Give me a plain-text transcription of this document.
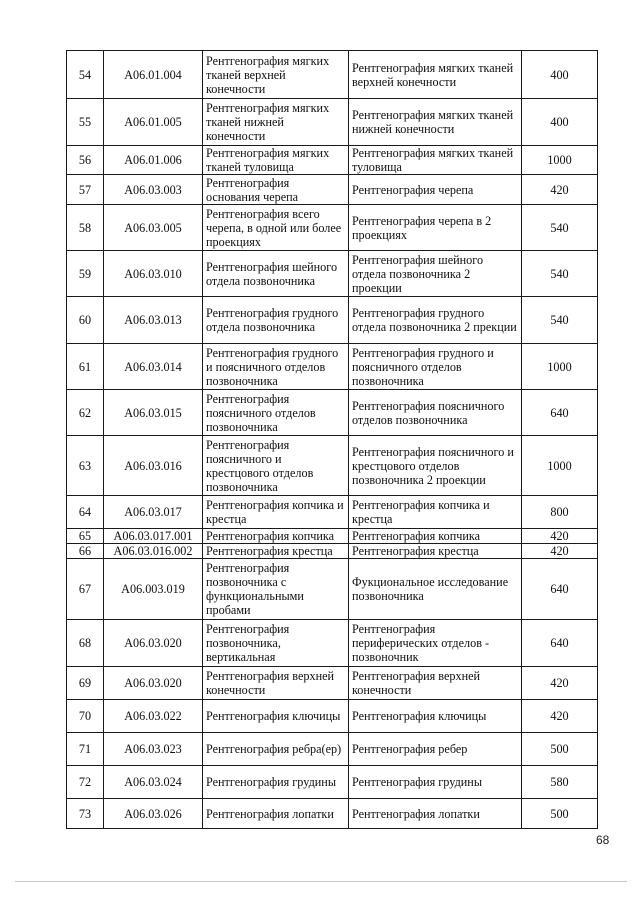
54	A06.01.004	Рентгенография мягких тканей верхней конечности	Рентгенография мягких тканей верхней конечности	400
55	A06.01.005	Рентгенография мягких тканей нижней конечности	Рентгенография мягких тканей нижней конечности	400
56	A06.01.006	Рентгенография мягких тканей туловища	Рентгенография мягких тканей туловища	1000
57	A06.03.003	Рентгенография основания черепа	Рентгенография черепа	420
58	A06.03.005	Рентгенография всего черепа, в одной или более проекциях	Рентгенография черепа в 2 проекциях	540
59	A06.03.010	Рентгенография шейного отдела позвоночника	Рентгенография шейного отдела позвоночника 2 проекции	540
60	A06.03.013	Рентгенография грудного отдела позвоночника	Рентгенография грудного отдела позвоночника 2 прекции	540
61	A06.03.014	Рентгенография грудного и поясничного отделов позвоночника	Рентгенография грудного и поясничного отделов позвоночника	1000
62	A06.03.015	Рентгенография поясничного отделов позвоночника	Рентгенография поясничного отделов позвоночника	640
63	A06.03.016	Рентгенография поясничного и крестцового отделов позвоночника	Рентгенография поясничного и крестцового отделов позвоночника 2 проекции	1000
64	A06.03.017	Рентгенография копчика и крестца	Рентгенография копчика и крестца	800
65	A06.03.017.001	Рентгенография копчика	Рентгенография копчика	420
66	A06.03.016.002	Рентгенография крестца	Рентгенография крестца	420
67	A06.003.019	Рентгенография позвоночника с функциональными пробами	Фукциональное исследование позвоночника	640
68	A06.03.020	Рентгенография позвоночника, вертикальная	Рентгенография периферических отделов - позвоночник	640
69	A06.03.020	Рентгенография верхней конечности	Рентгенография верхней конечности	420
70	A06.03.022	Рентгенография ключицы	Рентгенография ключицы	420
71	A06.03.023	Рентгенография ребра(ер)	Рентгенография ребер	500
72	A06.03.024	Рентгенография грудины	Рентгенография грудины	580
73	A06.03.026	Рентгенография лопатки	Рентгенография лопатки	500
68
